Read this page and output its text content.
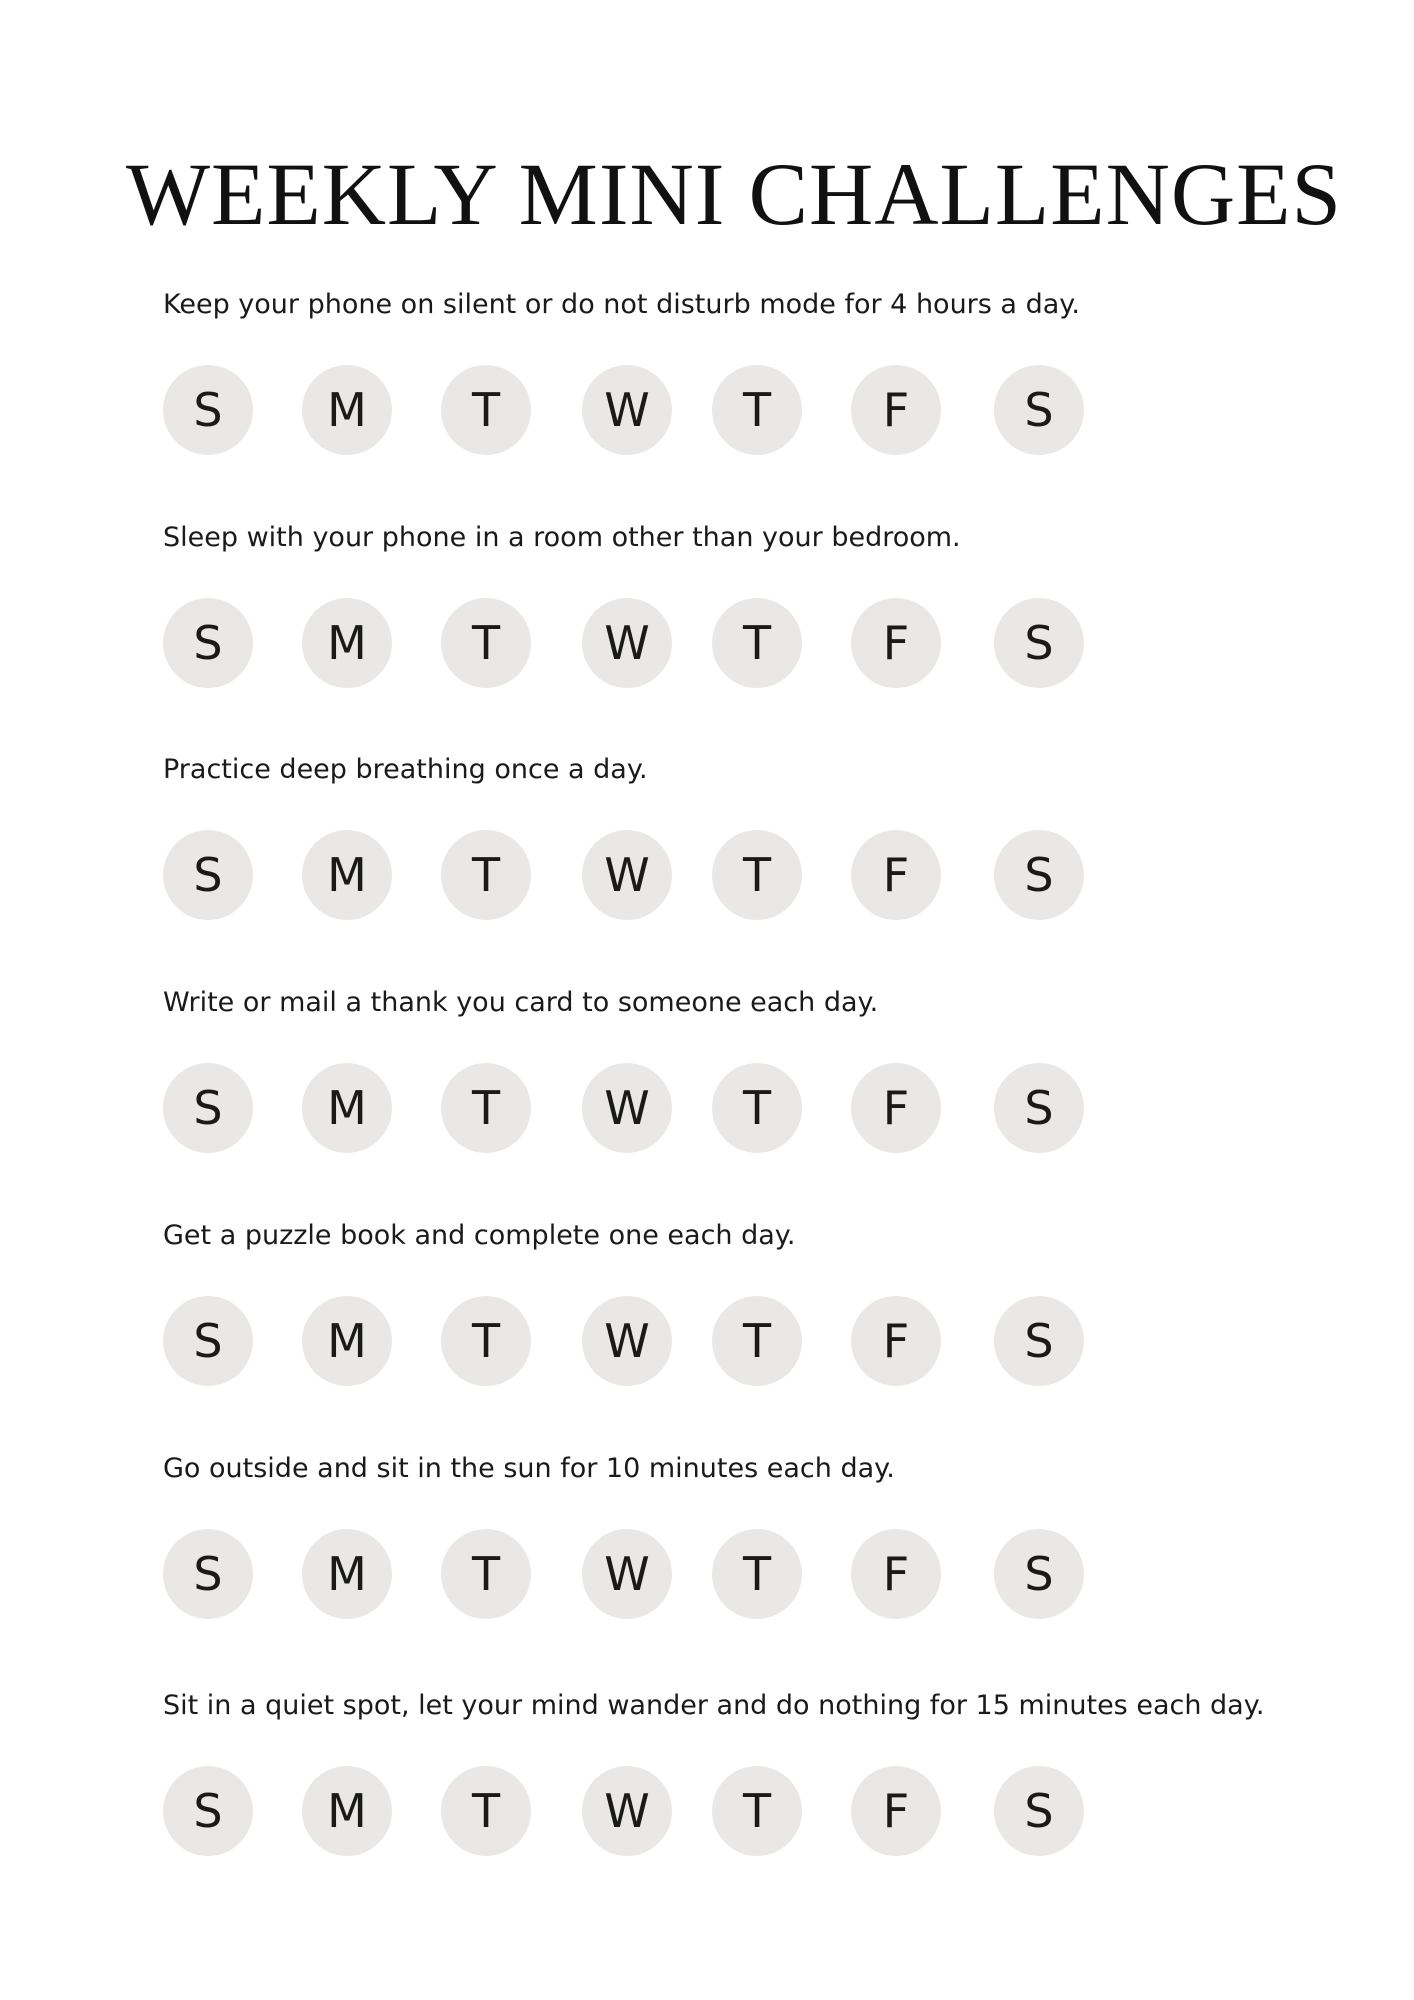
WEEKLY MINI CHALLENGES

Keep your phone on silent or do not disturb mode for 4 hours a day.

S	M	T	W	T	F	S

Sleep with your phone in a room other than your bedroom.

S	M	T	W	T	F	S

Practice deep breathing once a day.

S	M	T	W	T	F	S

Write or mail a thank you card to someone each day.

S	M	T	W	T	F	S

Get a puzzle book and complete one each day.

S	M	T	W	T	F	S

Go outside and sit in the sun for 10 minutes each day.

S	M	T	W	T	F	S

Sit in a quiet spot, let your mind wander and do nothing for 15 minutes each day.

S	M	T	W	T	F	S
